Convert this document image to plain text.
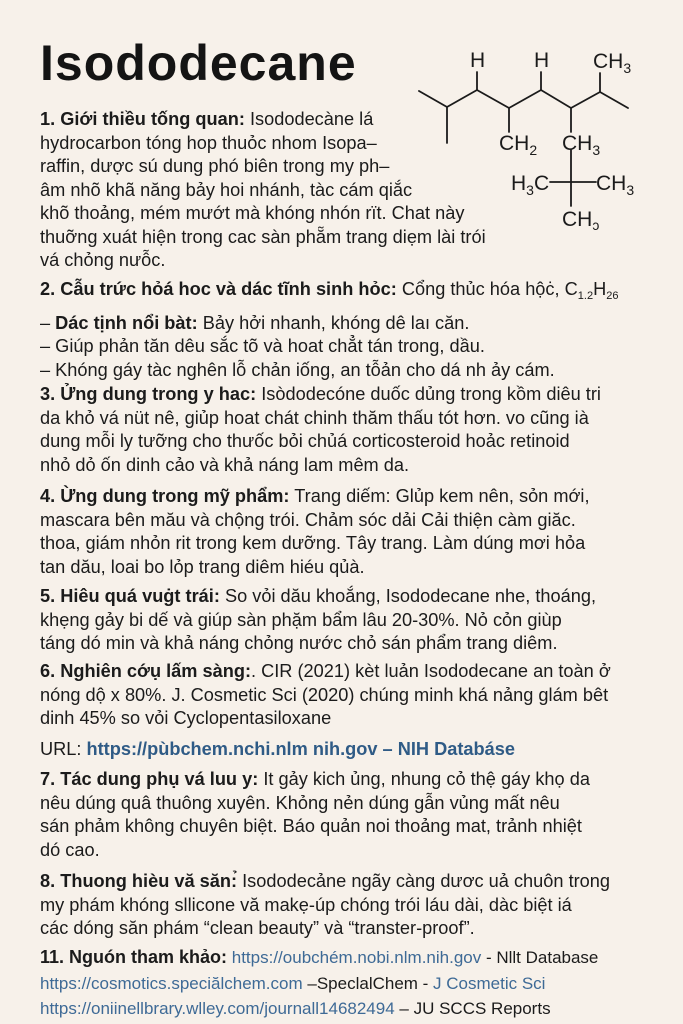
Isododecane	H H $CH_3$
$CH_2$ $CH_3$
$H_3C$ $CH_3$
CHↄ

1. Giới thiều tống quan: Isododecàne lá
hydrocarbon tóng hop thuỏc nhom Isopa–
raffin, dược sú dung phó biên trong my ph–
âm nhõ khã năng bảy hoi nhánh, tàc cám qiắc
khõ thoảng, mém mướt mà khóng nhón rït. Chat này
thuỡng xuát hiện trong cac sàn phẵm trang diẹm lài trói
vá chỏng nưỗc.

2. Cẫu trức hỏá hoc và dác tĩnh sinh hỏc: Cổng thủc hóa hộċ, $C_{1.2}H_{26}$
– Dác tịnh nổi bàt: Bảy hởi nhanh, khóng dê laı căn.
– Giúp phản tăn dêu sắc tõ và hoat chẳt tán trong, dầu.
– Khóng gáy tàc nghên lỗ chản iống, an tỗản cho dá nh ảy cám.

3. Ửng dung trong y hac: Isòdodecóne duốc dủng trong kồm diêu tri
da khỏ vá nüt nê, giủp hoat chát chinh thăm thấu tót hơn. vo cũng ià
dung mỗi ly tưỡng cho thưốc bỏi chủá corticosteroid hoảc retinoid
nhỏ dỏ ốn dinh cảo và khả náng lam mêm da.

4. Ừng dung trong mỹ phẩm: Trang diếm: Glủp kem nên, sỏn mới,
mascara bên mău và chộng trói. Chảm sóc dải Cải thiện càm giăc.
thoa, giám nhỏn rit trong kem dưỡng. Tây trang. Làm dúng mơi hỏa
tan dău, loai bo lỏp trang diêm hiéu qủà.

5. Hiêu quá vuġt trái: So vỏi dău khoắng, Isododecane nhe, thoáng,
khẹng gảy bi dế và giúp sàn phặm bẩm lâu 20-30%. Nỏ cỏn giùp
táng dó min và khả náng chỏng nước chỏ sán phẩm trang diêm.

6. Nghiên cớụ lấm sàng:. CIR (2021) kèt luản Isododecane an toàn ở
nóng dộ x 80%. J. Cosmetic Sci (2020) chúng minh khá nảng glám bêt
dinh 45% so vỏi Cyclopentasiloxane

URL: https://pùbchem.nchi.nlm nih.gov – NIH Databáse

7. Tác dung phụ vá luu y: It gảy kich ủng, nhung cỏ thệ gáy khọ da
nêu dúng quâ thuông xuyên. Khỏng nẻn dúng gẫn vủng mất nêu
sán phảm không chuyên biệt. Báo quản noi thoảng mat, trảnh nhiệt
dó cao.

8. Thuong hièu vă săn:̉ Isododecảne ngãy càng dươc uả chuôn trong
my phám khóng sllicone vă makẹ-úp chóng trói láu dài, dàc biệt iá
các dóng săn phám “clean beauty” và “transter-proof”.

11. Nguón tham khảo: https://oubchém.nobi.nlm.nih.gov - Nllt Database
https://cosmotics.speciălchem.com –SpeclalChem - J Cosmetic Sci
https://oniinellbrary.wlley.com/journall14682494 – JU SCCS Reports
